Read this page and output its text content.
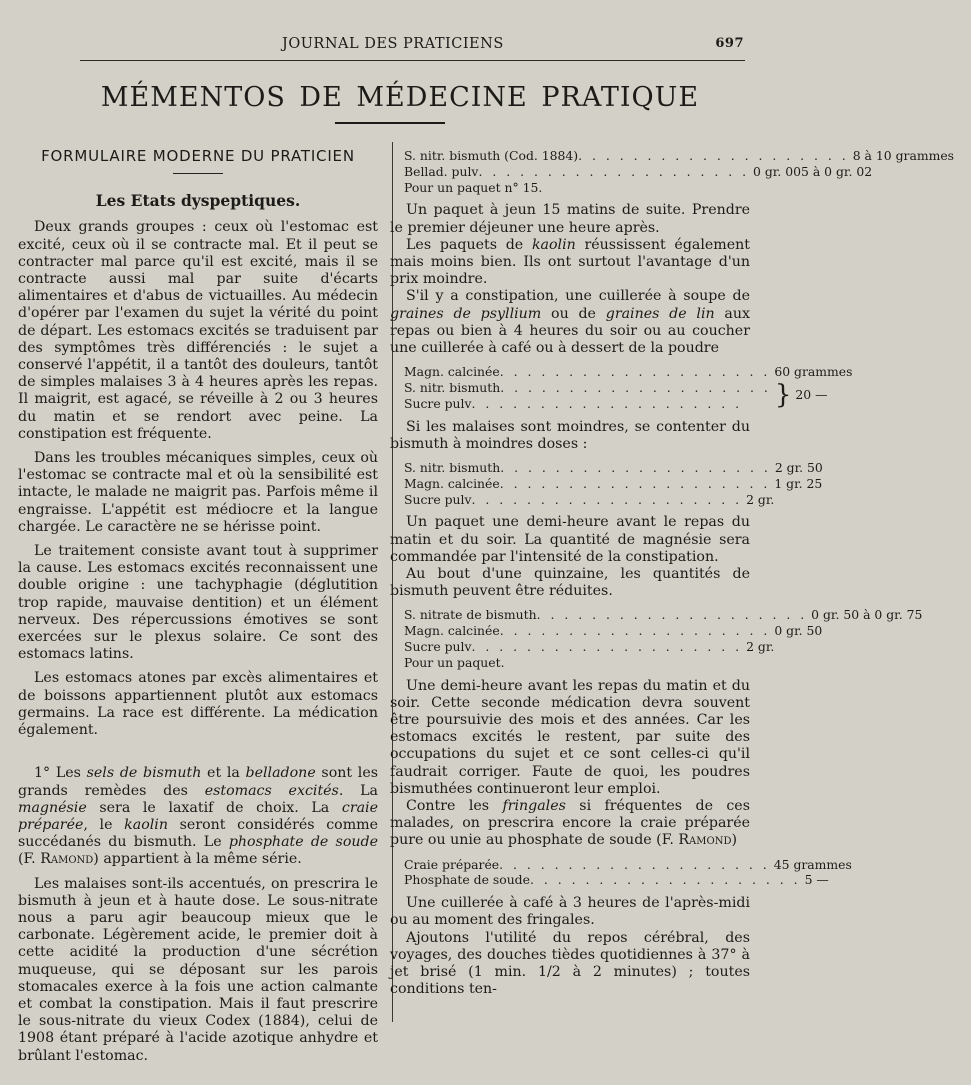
JOURNAL DES PRATICIENS	697
MÉMENTOS DE MÉDECINE PRATIQUE
FORMULAIRE MODERNE DU PRATICIEN
Les Etats dyspeptiques.

Deux grands groupes : ceux où l'estomac est excité, ceux où il se contracte mal. Et il peut se contracter mal parce qu'il est excité, mais il se contracte aussi mal par suite d'écarts alimentaires et d'abus de victuailles. Au médecin d'opérer par l'examen du sujet la vérité du point de départ. Les estomacs excités se traduisent par des symptômes très différenciés : le sujet a conservé l'appétit, il a tantôt des douleurs, tantôt de simples malaises 3 à 4 heures après les repas. Il maigrit, est agacé, se réveille à 2 ou 3 heures du matin et se rendort avec peine. La constipation est fréquente.

Dans les troubles mécaniques simples, ceux où l'estomac se contracte mal et où la sensibilité est intacte, le malade ne maigrit pas. Parfois même il engraisse. L'appétit est médiocre et la langue chargée. Le caractère ne se hérisse point.

Le traitement consiste avant tout à supprimer la cause. Les estomacs excités reconnaissent une double origine : une tachyphagie (déglutition trop rapide, mauvaise dentition) et un élément nerveux. Des répercussions émotives se sont exercées sur le plexus solaire. Ce sont des estomacs latins.

Les estomacs atones par excès alimentaires et de boissons appartiennent plutôt aux estomacs germains. La race est différente. La médication également.

1° Les sels de bismuth et la belladone sont les grands remèdes des estomacs excités. La magnésie sera le laxatif de choix. La craie préparée, le kaolin seront considérés comme succédanés du bismuth. Le phosphate de soude (F. Ramond) appartient à la même série.

Les malaises sont-ils accentués, on prescrira le bismuth à jeun et à haute dose. Le sous-nitrate nous a paru agir beaucoup mieux que le carbonate. Légèrement acide, le premier doit à cette acidité la production d'une sécrétion muqueuse, qui se déposant sur les parois stomacales exerce à la fois une action calmante et combat la constipation. Mais il faut prescrire le sous-nitrate du vieux Codex (1884), celui de 1908 étant préparé à l'acide azotique anhydre et brûlant l'estomac.

S. nitr. bismuth (Cod. 1884) . . . . . . . . . . . . . . . . . . . . 8 à 10 grammes
Bellad. pulv . . . . . . . . . . . . . . . . . . . . 0 gr. 005 à 0 gr. 02
Pour un paquet n° 15.

Un paquet à jeun 15 matins de suite. Prendre le premier déjeuner une heure après.

Les paquets de kaolin réussissent également mais moins bien. Ils ont surtout l'avantage d'un prix moindre.

S'il y a constipation, une cuillerée à soupe de graines de psyllium ou de graines de lin aux repas ou bien à 4 heures du soir ou au coucher une cuillerée à café ou à dessert de la poudre

Magn. calcinée . . . . . . . . . . . . . . . . . . . . 60 grammes
S. nitr. bismuth . . . . . . . . . . . . . . . . . . . .
Sucre pulv . . . . . . . . . . . . . . . . . . . .	} 20 —

Si les malaises sont moindres, se contenter du bismuth à moindres doses :

S. nitr. bismuth . . . . . . . . . . . . . . . . . . . . 2 gr. 50
Magn. calcinée . . . . . . . . . . . . . . . . . . . . 1 gr. 25
Sucre pulv . . . . . . . . . . . . . . . . . . . . 2 gr.

Un paquet une demi-heure avant le repas du matin et du soir. La quantité de magnésie sera commandée par l'intensité de la constipation.

Au bout d'une quinzaine, les quantités de bismuth peuvent être réduites.

S. nitrate de bismuth . . . . . . . . . . . . . . . . . . . . 0 gr. 50 à 0 gr. 75
Magn. calcinée . . . . . . . . . . . . . . . . . . . . 0 gr. 50
Sucre pulv . . . . . . . . . . . . . . . . . . . . 2 gr.
Pour un paquet.

Une demi-heure avant les repas du matin et du soir. Cette seconde médication devra souvent être poursuivie des mois et des années. Car les estomacs excités le restent, par suite des occupations du sujet et ce sont celles-ci qu'il faudrait corriger. Faute de quoi, les poudres bismuthées continueront leur emploi.

Contre les fringales si fréquentes de ces malades, on prescrira encore la craie préparée pure ou unie au phosphate de soude (F. Ramond)

Craie préparée . . . . . . . . . . . . . . . . . . . . 45 grammes
Phosphate de soude . . . . . . . . . . . . . . . . . . . . 5 —

Une cuillerée à café à 3 heures de l'après-midi ou au moment des fringales.

Ajoutons l'utilité du repos cérébral, des voyages, des douches tièdes quotidiennes à 37° à jet brisé (1 min. 1/2 à 2 minutes) ; toutes conditions ten-
